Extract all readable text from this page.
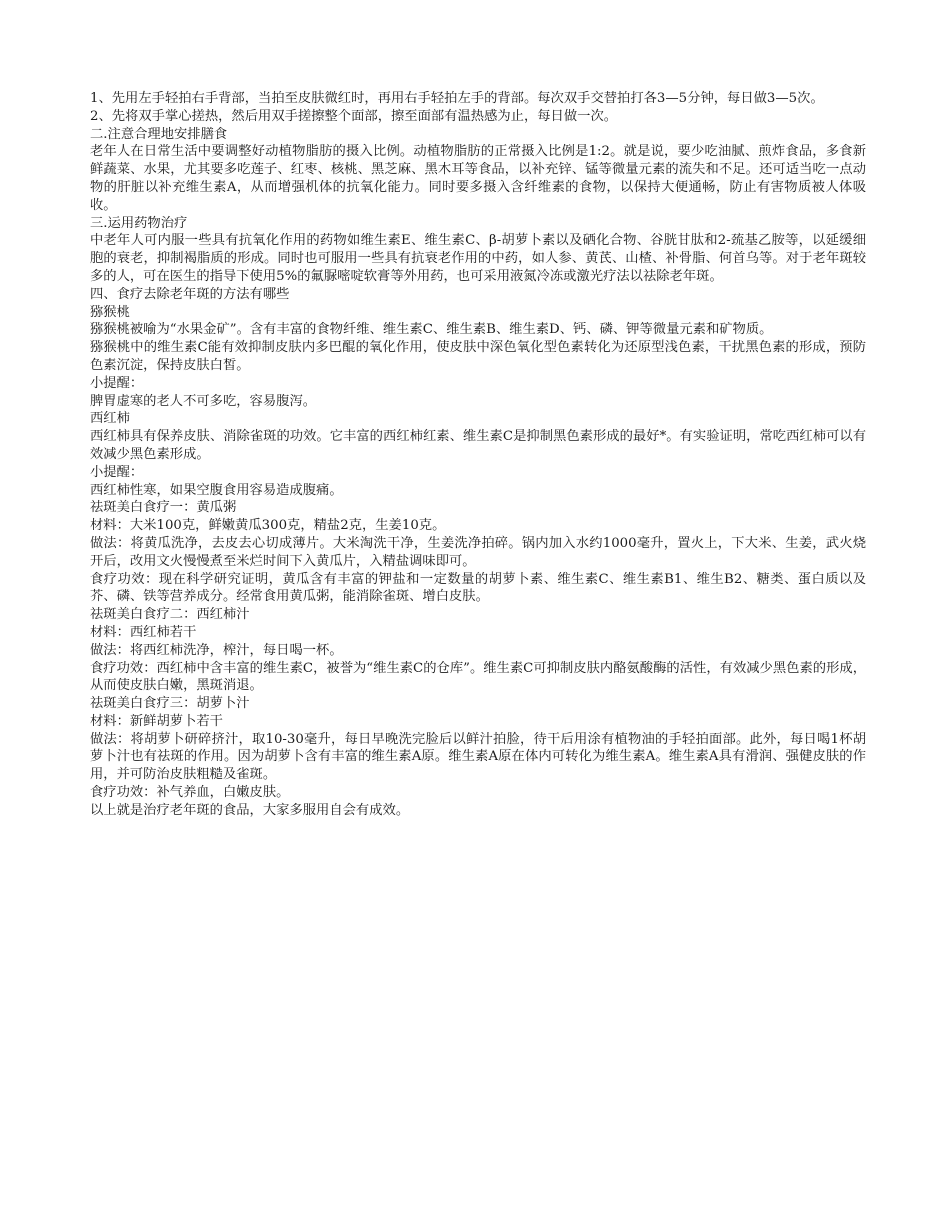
1、先用左手轻拍右手背部，当拍至皮肤微红时，再用右手轻拍左手的背部。每次双手交替拍打各3—5分钟，每日做3—5次。

2、先将双手掌心搓热，然后用双手搓擦整个面部，擦至面部有温热感为止，每日做一次。

二.注意合理地安排膳食

老年人在日常生活中要调整好动植物脂肪的摄入比例。动植物脂肪的正常摄入比例是1:2。就是说，要少吃油腻、煎炸食品，多食新鲜蔬菜、水果，尤其要多吃莲子、红枣、核桃、黑芝麻、黑木耳等食品，以补充锌、锰等微量元素的流失和不足。还可适当吃一点动物的肝脏以补充维生素A，从而增强机体的抗氧化能力。同时要多摄入含纤维素的食物，以保持大便通畅，防止有害物质被人体吸收。

三.运用药物治疗

中老年人可内服一些具有抗氧化作用的药物如维生素E、维生素C、β-胡萝卜素以及硒化合物、谷胱甘肽和2-巯基乙胺等，以延缓细胞的衰老，抑制褐脂质的形成。同时也可服用一些具有抗衰老作用的中药，如人参、黄芪、山楂、补骨脂、何首乌等。对于老年斑较多的人，可在医生的指导下使用5%的氟脲嘧啶软膏等外用药，也可采用液氮冷冻或激光疗法以祛除老年斑。

四、食疗去除老年斑的方法有哪些

猕猴桃

猕猴桃被喻为“水果金矿”。含有丰富的食物纤维、维生素C、维生素B、维生素D、钙、磷、钾等微量元素和矿物质。

猕猴桃中的维生素C能有效抑制皮肤内多巴醌的氧化作用，使皮肤中深色氧化型色素转化为还原型浅色素，干扰黑色素的形成，预防色素沉淀，保持皮肤白皙。

小提醒：

脾胃虚寒的老人不可多吃，容易腹泻。

西红柿

西红柿具有保养皮肤、消除雀斑的功效。它丰富的西红柿红素、维生素C是抑制黑色素形成的最好*。有实验证明，常吃西红柿可以有效减少黑色素形成。

小提醒：

西红柿性寒，如果空腹食用容易造成腹痛。

祛斑美白食疗一：黄瓜粥

材料：大米100克，鲜嫩黄瓜300克，精盐2克，生姜10克。

做法：将黄瓜洗净，去皮去心切成薄片。大米淘洗干净，生姜洗净拍碎。锅内加入水约1000毫升，置火上，下大米、生姜，武火烧开后，改用文火慢慢煮至米烂时间下入黄瓜片，入精盐调味即可。

食疗功效：现在科学研究证明，黄瓜含有丰富的钾盐和一定数量的胡萝卜素、维生素C、维生素B1、维生B2、糖类、蛋白质以及芥、磷、铁等营养成分。经常食用黄瓜粥，能消除雀斑、增白皮肤。

祛斑美白食疗二：西红柿汁

材料：西红柿若干

做法：将西红柿洗净，榨汁，每日喝一杯。

食疗功效：西红柿中含丰富的维生素C，被誉为“维生素C的仓库”。维生素C可抑制皮肤内酪氨酸酶的活性，有效减少黑色素的形成，从而使皮肤白嫩，黑斑消退。

祛斑美白食疗三：胡萝卜汁

材料：新鲜胡萝卜若干

做法：将胡萝卜研碎挤汁，取10-30毫升，每日早晚洗完脸后以鲜汁拍脸，待干后用涂有植物油的手轻拍面部。此外，每日喝1杯胡萝卜汁也有祛斑的作用。因为胡萝卜含有丰富的维生素A原。维生素A原在体内可转化为维生素A。维生素A具有滑润、强健皮肤的作用，并可防治皮肤粗糙及雀斑。

食疗功效：补气养血，白嫩皮肤。

以上就是治疗老年斑的食品，大家多服用自会有成效。
